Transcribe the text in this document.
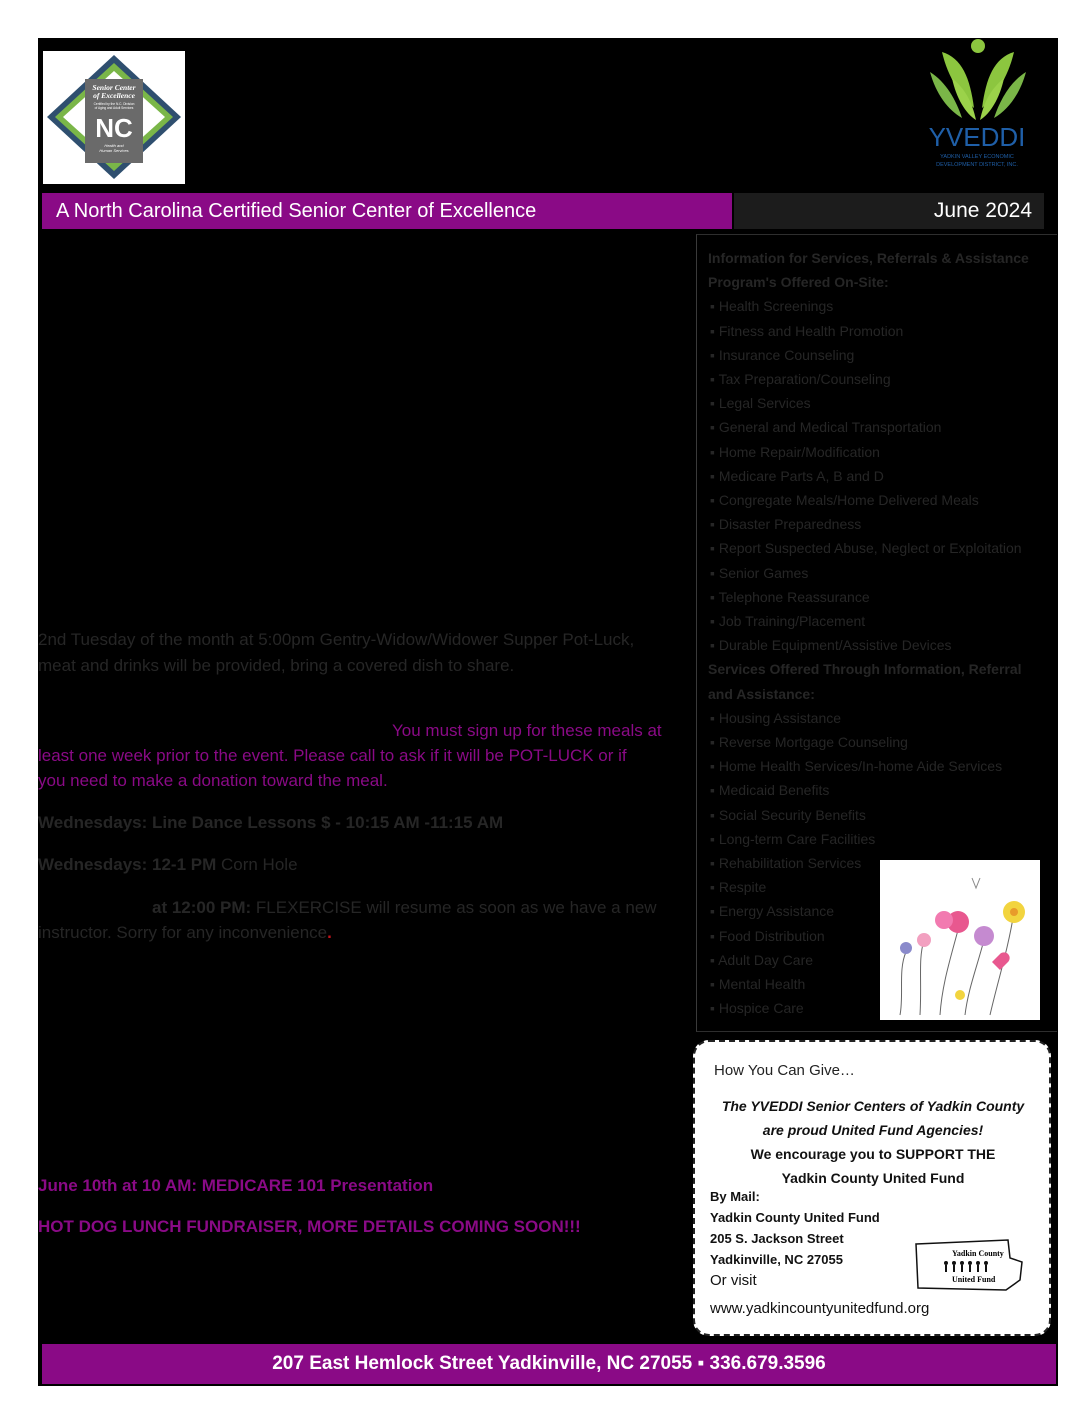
Senior Center
of Excellence
Certified by the N.C. Division
of Aging and Adult Services
NC
Health and
Human Services	YVEDDI
YADKIN VALLEY ECONOMIC
DEVELOPMENT DISTRICT, INC.
A North Carolina Certified Senior Center of Excellence	June 2024
Information for Services, Referrals & Assistance
Program's Offered On-Site:
▪ Health Screenings
▪ Fitness and Health Promotion
▪ Insurance Counseling
▪ Tax Preparation/Counseling
▪ Legal Services
▪ General and Medical Transportation
▪ Home Repair/Modification
▪ Medicare Parts A, B and D
▪ Congregate Meals/Home Delivered Meals
▪ Disaster Preparedness
▪ Report Suspected Abuse, Neglect or Exploitation
▪ Senior Games
▪ Telephone Reassurance
▪ Job Training/Placement
▪ Durable Equipment/Assistive Devices
Services Offered Through Information, Referral
and Assistance:
▪ Housing Assistance
▪ Reverse Mortgage Counseling
▪ Home Health Services/In-home Aide Services
▪ Medicaid Benefits
▪ Social Security Benefits
▪ Long-term Care Facilities
▪ Rehabilitation Services
▪ Respite
▪ Energy Assistance
▪ Food Distribution
▪ Adult Day Care
▪ Mental Health
▪ Hospice Care
How You Can Give…
The YVEDDI Senior Centers of Yadkin County
are proud United Fund Agencies!
We encourage you to SUPPORT THE
Yadkin County United Fund
By Mail:
Yadkin County United Fund
205 S. Jackson Street
Yadkinville, NC 27055	Yadkin County
United Fund
Or visit
www.yadkincountyunitedfund.org
2nd Tuesday of the month at 5:00pm Gentry-Widow/Widower Supper Pot-Luck,
meat and drinks will be provided, bring a covered dish to share.
You must sign up for these meals at
least one week prior to the event. Please call to ask if it will be POT-LUCK or if
you need to make a donation toward the meal.
Wednesdays: Line Dance Lessons $ - 10:15 AM -11:15 AM
Wednesdays: 12-1 PM Corn Hole
at 12:00 PM: FLEXERCISE will resume as soon as we have a new
instructor. Sorry for any inconvenience.
June 10th at 10 AM: MEDICARE 101 Presentation
HOT DOG LUNCH FUNDRAISER, MORE DETAILS COMING SOON!!!
207 East Hemlock Street Yadkinville, NC 27055 ▪ 336.679.3596
